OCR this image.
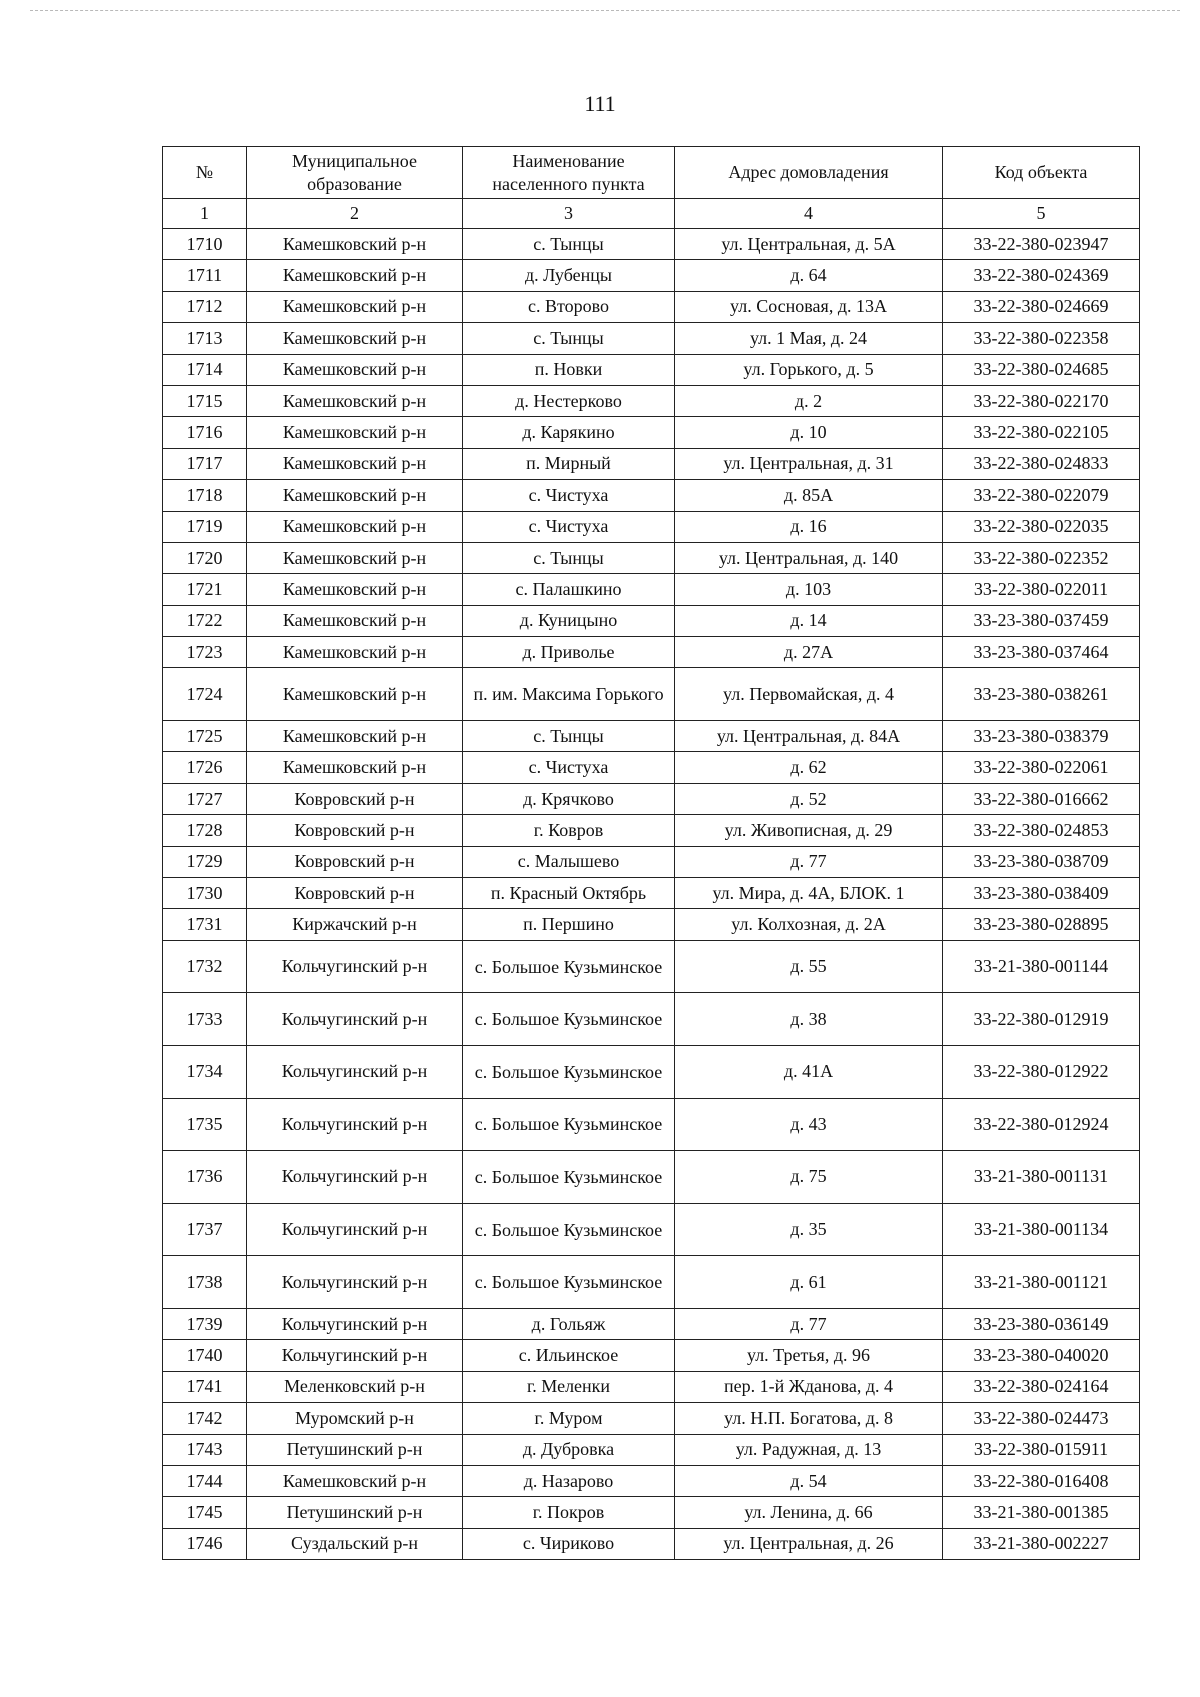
111
№	Муниципальное образование	Наименование населенного пункта	Адрес домовладения	Код объекта
1	2	3	4	5
1710	Камешковский р-н	с. Тынцы	ул. Центральная, д. 5А	33-22-380-023947
1711	Камешковский р-н	д. Лубенцы	д. 64	33-22-380-024369
1712	Камешковский р-н	с. Второво	ул. Сосновая, д. 13А	33-22-380-024669
1713	Камешковский р-н	с. Тынцы	ул. 1 Мая, д. 24	33-22-380-022358
1714	Камешковский р-н	п. Новки	ул. Горького, д. 5	33-22-380-024685
1715	Камешковский р-н	д. Нестерково	д. 2	33-22-380-022170
1716	Камешковский р-н	д. Карякино	д. 10	33-22-380-022105
1717	Камешковский р-н	п. Мирный	ул. Центральная, д. 31	33-22-380-024833
1718	Камешковский р-н	с. Чистуха	д. 85А	33-22-380-022079
1719	Камешковский р-н	с. Чистуха	д. 16	33-22-380-022035
1720	Камешковский р-н	с. Тынцы	ул. Центральная, д. 140	33-22-380-022352
1721	Камешковский р-н	с. Палашкино	д. 103	33-22-380-022011
1722	Камешковский р-н	д. Куницыно	д. 14	33-23-380-037459
1723	Камешковский р-н	д. Приволье	д. 27А	33-23-380-037464
1724	Камешковский р-н	п. им. Максима Горького	ул. Первомайская, д. 4	33-23-380-038261
1725	Камешковский р-н	с. Тынцы	ул. Центральная, д. 84А	33-23-380-038379
1726	Камешковский р-н	с. Чистуха	д. 62	33-22-380-022061
1727	Ковровский р-н	д. Крячково	д. 52	33-22-380-016662
1728	Ковровский р-н	г. Ковров	ул. Живописная, д. 29	33-22-380-024853
1729	Ковровский р-н	с. Малышево	д. 77	33-23-380-038709
1730	Ковровский р-н	п. Красный Октябрь	ул. Мира, д. 4А, БЛОК. 1	33-23-380-038409
1731	Киржачский р-н	п. Першино	ул. Колхозная, д. 2А	33-23-380-028895
1732	Кольчугинский р-н	с. Большое Кузьминское	д. 55	33-21-380-001144
1733	Кольчугинский р-н	с. Большое Кузьминское	д. 38	33-22-380-012919
1734	Кольчугинский р-н	с. Большое Кузьминское	д. 41А	33-22-380-012922
1735	Кольчугинский р-н	с. Большое Кузьминское	д. 43	33-22-380-012924
1736	Кольчугинский р-н	с. Большое Кузьминское	д. 75	33-21-380-001131
1737	Кольчугинский р-н	с. Большое Кузьминское	д. 35	33-21-380-001134
1738	Кольчугинский р-н	с. Большое Кузьминское	д. 61	33-21-380-001121
1739	Кольчугинский р-н	д. Гольяж	д. 77	33-23-380-036149
1740	Кольчугинский р-н	с. Ильинское	ул. Третья, д. 96	33-23-380-040020
1741	Меленковский р-н	г. Меленки	пер. 1-й Жданова, д. 4	33-22-380-024164
1742	Муромский р-н	г. Муром	ул. Н.П. Богатова, д. 8	33-22-380-024473
1743	Петушинский р-н	д. Дубровка	ул. Радужная, д. 13	33-22-380-015911
1744	Камешковский р-н	д. Назарово	д. 54	33-22-380-016408
1745	Петушинский р-н	г. Покров	ул. Ленина, д. 66	33-21-380-001385
1746	Суздальский р-н	с. Чириково	ул. Центральная, д. 26	33-21-380-002227
